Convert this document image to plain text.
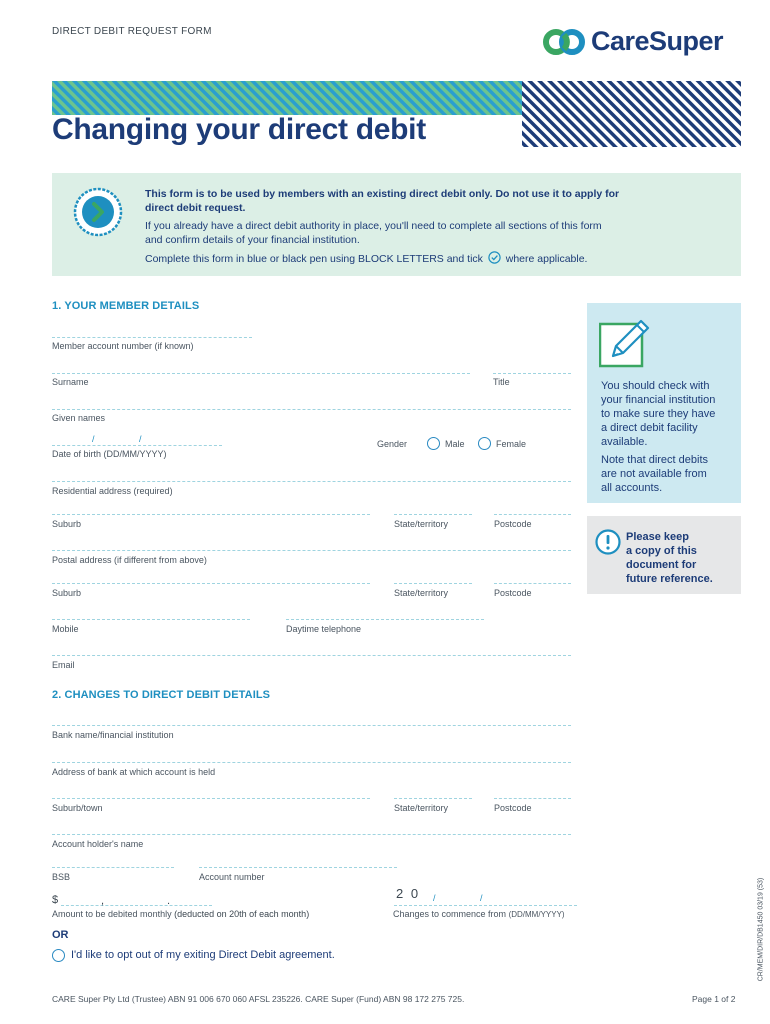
DIRECT DEBIT REQUEST FORM	CareSuper
Changing your direct debit
This form is to be used by members with an existing direct debit only. Do not use it to apply for
direct debit request.
If you already have a direct debit authority in place, you'll need to complete all sections of this form
and confirm details of your financial institution.
Complete this form in blue or black pen using BLOCK LETTERS and tick where applicable.
1. YOUR MEMBER DETAILS
Member account number (if known)
Surname	Title
Given names
/	/
Date of birth (DD/MM/YYYY)
Gender	Male	Female
Residential address (required)
Suburb	State/territory	Postcode
Postal address (if different from above)
Suburb	State/territory	Postcode
Mobile	Daytime telephone
Email
You should check with
your financial institution
to make sure they have
a direct debit facility
available.
Note that direct debits
are not available from
all accounts.
Please keep
a copy of this
document for
future reference.
2. CHANGES TO DIRECT DEBIT DETAILS
Bank name/financial institution
Address of bank at which account is held
Suburb/town	State/territory	Postcode
Account holder's name
BSB	Account number
$	,	.
Amount to be debited monthly (deducted on 20th of each month)
2 0 /	/
Changes to commence from (DD/MM/YYYY)
OR
I'd like to opt out of my exiting Direct Debit agreement.	CR/MEM/DIR/DB1450 03/19 (53)
CARE Super Pty Ltd (Trustee) ABN 91 006 670 060 AFSL 235226. CARE Super (Fund) ABN 98 172 275 725.	Page 1 of 2
